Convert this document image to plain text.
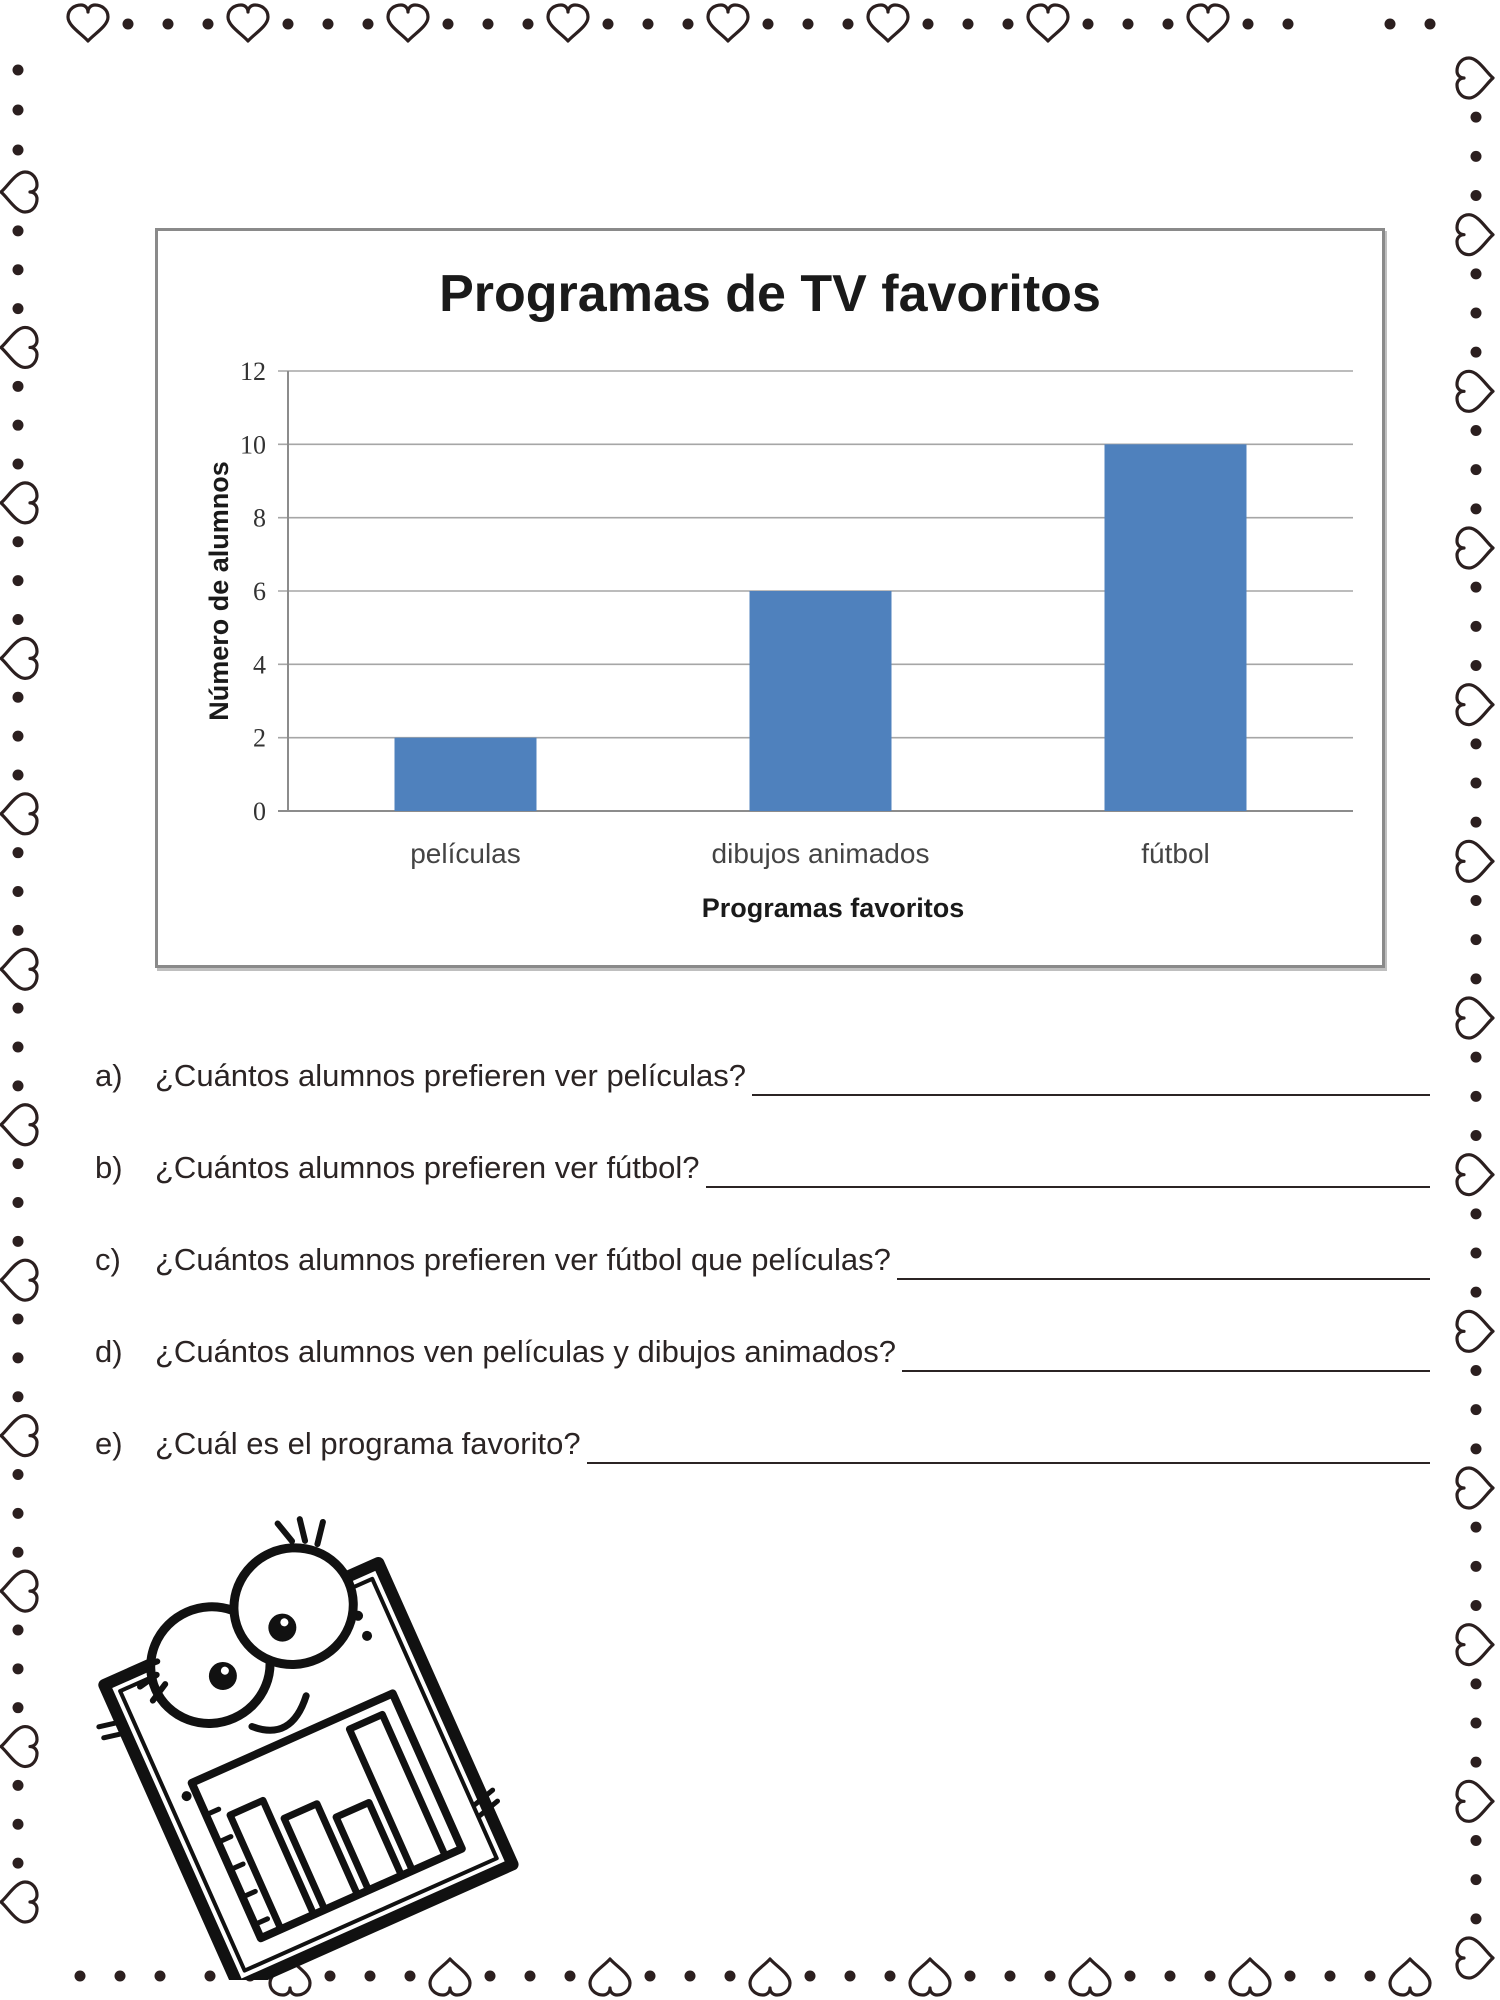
Programas de TV favoritos
Número de alumnos
Programas favoritos
0
2
4
6
8
10
12
películas	dibujos animados	fútbol
a)	¿Cuántos alumnos prefieren ver películas?
b)	¿Cuántos alumnos prefieren ver fútbol?
c)	¿Cuántos alumnos prefieren ver fútbol que películas?
d)	¿Cuántos alumnos ven películas y dibujos animados?
e)	¿Cuál es el programa favorito?
